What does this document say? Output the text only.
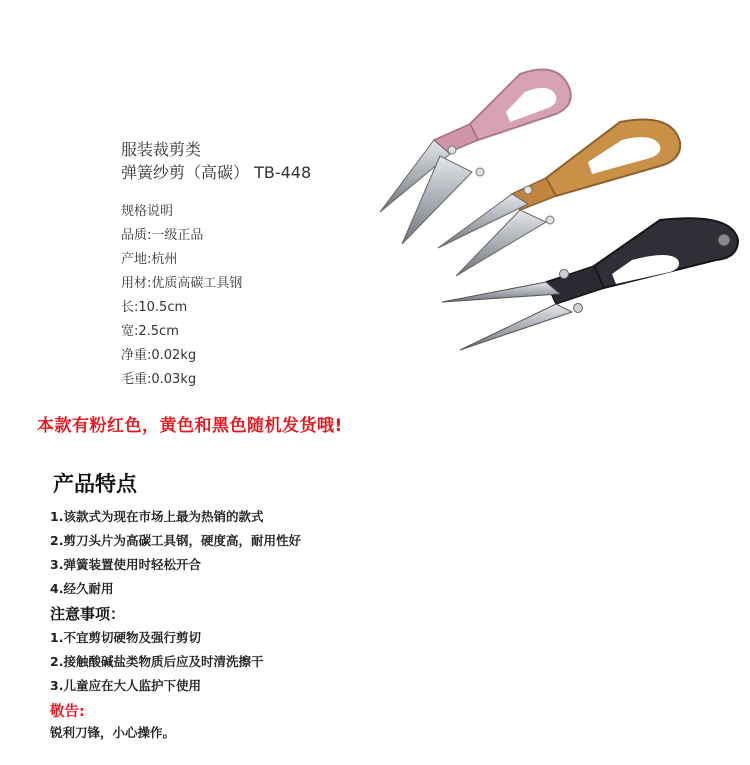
服装裁剪类
弹簧纱剪（高碳） TB-448
规格说明
品质:一级正品
产地:杭州
用材:优质高碳工具钢
长:10.5cm
宽:2.5cm
净重:0.02kg
毛重:0.03kg
本款有粉红色，黄色和黑色随机发货哦!
产品特点
1.该款式为现在市场上最为热销的款式
2.剪刀头片为高碳工具钢，硬度高，耐用性好
3.弹簧装置使用时轻松开合
4.经久耐用
注意事项：
1.不宜剪切硬物及强行剪切
2.接触酸碱盐类物质后应及时清洗擦干
3.儿童应在大人监护下使用
敬告:
锐利刀锋，小心操作。
